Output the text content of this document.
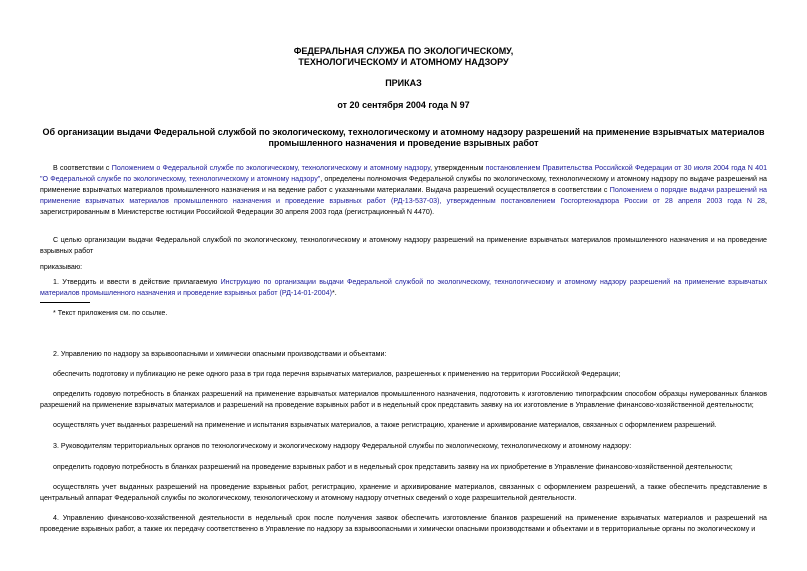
ФЕДЕРАЛЬНАЯ СЛУЖБА ПО ЭКОЛОГИЧЕСКОМУ,
ТЕХНОЛОГИЧЕСКОМУ И АТОМНОМУ НАДЗОРУ
ПРИКАЗ
от 20 сентября 2004 года N 97
Об организации выдачи Федеральной службой по экологическому, технологическому и атомному надзору разрешений на применение взрывчатых материалов
промышленного назначения и проведение взрывных работ
В соответствии с Положением о Федеральной службе по экологическому, технологическому и атомному надзору, утвержденным постановлением Правительства Российской Федерации от 30 июля 2004 года N 401 "О Федеральной службе по экологическому, технологическому и атомному надзору", определены полномочия Федеральной службы по экологическому, технологическому и атомному надзору по выдаче разрешений на применение взрывчатых материалов промышленного назначения и на ведение работ с указанными материалами. Выдача разрешений осуществляется в соответствии с Положением о порядке выдачи разрешений на применение взрывчатых материалов промышленного назначения и проведение взрывных работ (РД-13-537-03), утвержденным постановлением Госгортехнадзора России от 28 апреля 2003 года N 28, зарегистрированным в Министерстве юстиции Российской Федерации 30 апреля 2003 года (регистрационный N 4470).
С целью организации выдачи Федеральной службой по экологическому, технологическому и атомному надзору разрешений на применение взрывчатых материалов промышленного назначения и на проведение взрывных работ
приказываю:
1. Утвердить и ввести в действие прилагаемую Инструкцию по организации выдачи Федеральной службой по экологическому, технологическому и атомному надзору разрешений на применение взрывчатых материалов промышленного назначения и проведение взрывных работ (РД-14-01-2004)*.
* Текст приложения см. по ссылке.
2. Управлению по надзору за взрывоопасными и химически опасными производствами и объектами:
обеспечить подготовку и публикацию не реже одного раза в три года перечня взрывчатых материалов, разрешенных к применению на территории Российской Федерации;
определить годовую потребность в бланках разрешений на применение взрывчатых материалов промышленного назначения, подготовить к изготовлению типографским способом образцы нумерованных бланков разрешений на применение взрывчатых материалов и разрешений на проведение взрывных работ и в недельный срок представить заявку на их изготовление в Управление финансово-хозяйственной деятельности;
осуществлять учет выданных разрешений на применение и испытания взрывчатых материалов, а также регистрацию, хранение и архивирование материалов, связанных с оформлением разрешений.
3. Руководителям территориальных органов по технологическому и экологическому надзору Федеральной службы по экологическому, технологическому и атомному надзору:
определить годовую потребность в бланках разрешений на проведение взрывных работ и в недельный срок представить заявку на их приобретение в Управление финансово-хозяйственной деятельности;
осуществлять учет выданных разрешений на проведение взрывных работ, регистрацию, хранение и архивирование материалов, связанных с оформлением разрешений, а также обеспечить представление в центральный аппарат Федеральной службы по экологическому, технологическому и атомному надзору отчетных сведений о ходе разрешительной деятельности.
4. Управлению финансово-хозяйственной деятельности в недельный срок после получения заявок обеспечить изготовление бланков разрешений на применение взрывчатых материалов и разрешений на проведение взрывных работ, а также их передачу соответственно в Управление по надзору за взрывоопасными и химически опасными производствами и объектами и в территориальные органы по экологическому и
